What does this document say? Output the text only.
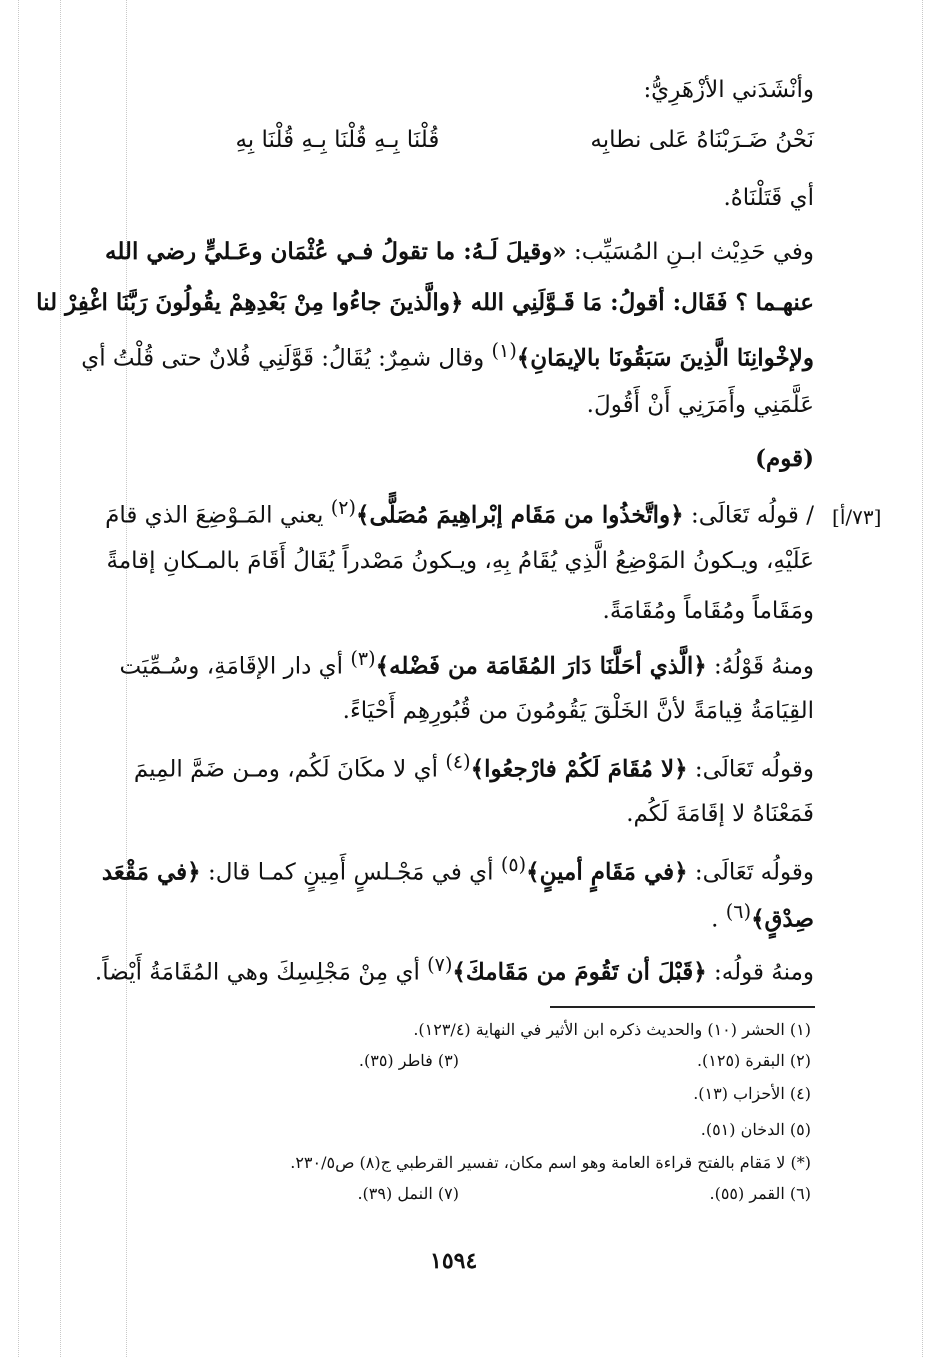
وأنْشَدَني الأزْهَرِيُّ:
نَحْنُ ضَـرَبْنَاهُ عَلى نطابِه  قُلْنَا بِـهِ قُلْنَا بِـهِ قُلْنَا بِهِ
أي قَتَلْنَاهُ.
وفي حَدِيْث ابـنِ المُسَيِّب: «وقيلَ لَـهُ: ما تقولُ فـي عُثْمَان وعَـليٍّ رضي الله
عنهـما ؟ فَقَال: أقولُ: مَا قَـوَّلَنِي الله ﴿والَّذينَ جاءُوا مِنْ بَعْدِهِمْ يقُولُونَ رَبَّنَا اغْفِرْ لنا
ولإخْوانِنَا الَّذِينَ سَبَقُونَا بالإيمَانِ﴾$^{(١)}$ وقال شمِرٌ: يُقَالُ: قَوَّلَنِي فُلانٌ حتى قُلْتُ أي
عَلَّمَنِي وأَمَرَنِي أَنْ أَقُولَ.
(قوم)
[٧٣/أ]
/ قولُه تَعَالَى: ﴿واتَّخذُوا من مَقَام إبْراهِيمَ مُصَلًّى﴾$^{(٢)}$ يعني المَـوْضِعَ الذي قامَ
عَلَيْهِ، ويـكونُ المَوْضِعُ الَّذِي يُقَامُ بِهِ، ويـكونُ مَصْدراً يُقَالُ أَقَامَ بالمـكانِ إقامةً
ومَقَاماً ومُقَاماً ومُقَامَةً.
ومنهُ قَوْلُهُ: ﴿الَّذي أحَلَّنَا دَارَ المُقَامَة من فَضْله﴾$^{(٣)}$ أي دار الإقَامَةِ، وسُـمِّيَت
القِيَامَةُ قِيامَةً لأنَّ الخَلْقَ يَقُومُونَ من قُبُورِهِم أَحْيَاءً.
وقولُه تَعَالَى: ﴿لا مُقَامَ لَكُمْ فارْجعُوا﴾$^{(٤)}$ أي لا مكَانَ لَكُم، ومـن ضَمَّ المِيمَ
فَمَعْنَاهُ لا إقَامَةَ لَكُم.
وقولُه تَعَالَى: ﴿في مَقَامٍ أمينٍ﴾$^{(٥)}$ أي في مَجْـلسٍ أَمِينٍ كمـا قال: ﴿في مَقْعَد
صِدْقٍ﴾$^{(٦)}$ .
ومنهُ قولُه: ﴿قَبْلَ أن تَقُومَ من مَقَامكَ﴾$^{(٧)}$ أي مِنْ مَجْلِسِكَ وهي المُقَامَةُ أَيْضاً.
(١) الحشر (١٠) والحديث ذكره ابن الأثير في النهاية (١٢٣/٤).
(٢) البقرة (١٢٥).
(٣) فاطر (٣٥).
(٤) الأحزاب (١٣).
(٥) الدخان (٥١).
(*) لا مَقام بالفتح قراءة العامة وهو اسم مكان، تفسير القرطبي ج(٨) ص٢٣٠/٥.
(٦) القمر (٥٥).
(٧) النمل (٣٩).
١٥٩٤
